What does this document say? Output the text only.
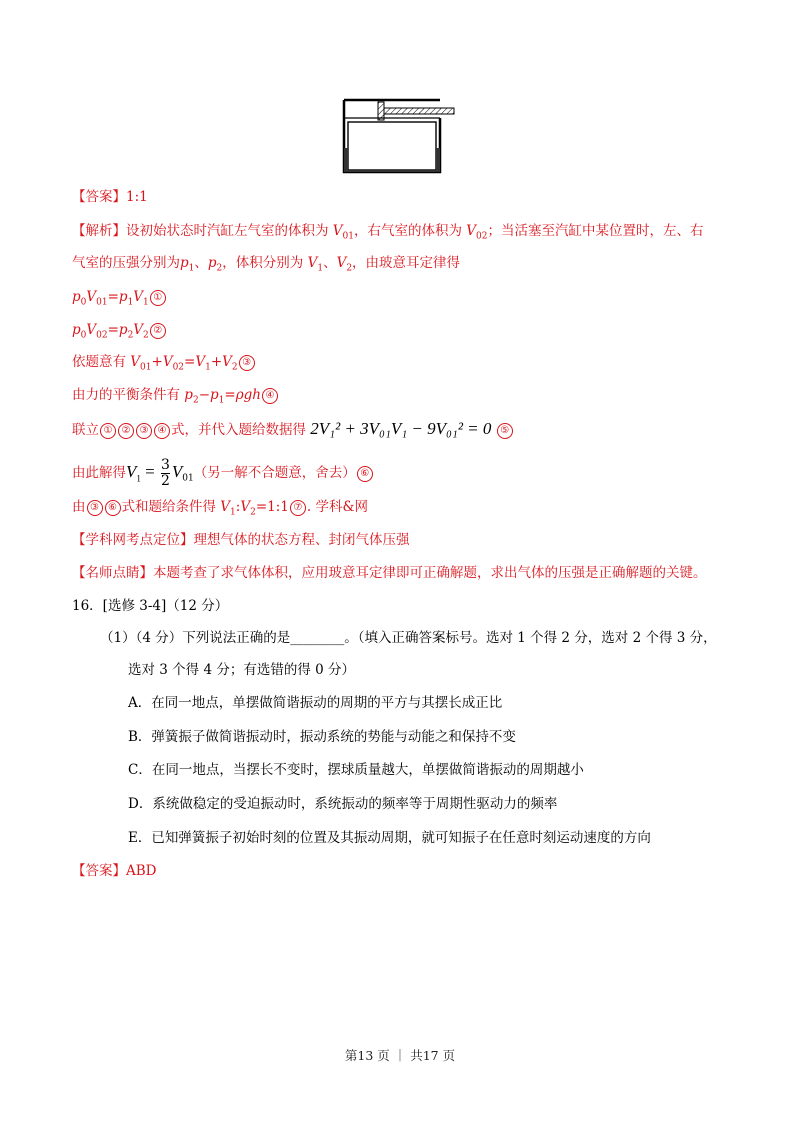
【答案】1:1
【解析】设初始状态时汽缸左气室的体积为 $V_{01}$，右气室的体积为 $V_{02}$；当活塞至汽缸中某位置时，左、右
气室的压强分别为$p_1$、$p_2$，体积分别为 $V_1$、$V_2$，由玻意耳定律得
$p_0V_{01}=p_1V_1①$
$p_0V_{02}=p_2V_2②$
依题意有 $V_{01}+V_{02}=V_1+V_2③$
由力的平衡条件有 $p_2-p_1=\rho gh$ ④
联立 ① ② ③ ④ 式，并代入题给数据得 2V₁² + 3V₀₁V₁ − 9V₀₁² = 0 ⑤
由此解得$V_1 = \frac{3}{2} V_{01}$（另一解不合题意，舍去） ⑥
由 ③ ⑥ 式和题给条件得 $V_1:V_2=1:1$ ⑦ . 学科&网
【学科网考点定位】理想气体的状态方程、封闭气体压强
【名师点睛】本题考查了求气体体积，应用玻意耳定律即可正确解题，求出气体的压强是正确解题的关键。
16．[选修 3-4]（12 分）
（1）（4 分）下列说法正确的是________。（填入正确答案标号。选对 1 个得 2 分，选对 2 个得 3 分，
选对 3 个得 4 分；有选错的得 0 分）
A．在同一地点，单摆做简谐振动的周期的平方与其摆长成正比
B．弹簧振子做简谐振动时，振动系统的势能与动能之和保持不变
C．在同一地点，当摆长不变时，摆球质量越大，单摆做简谐振动的周期越小
D．系统做稳定的受迫振动时，系统振动的频率等于周期性驱动力的频率
E．已知弹簧振子初始时刻的位置及其振动周期，就可知振子在任意时刻运动速度的方向
【答案】ABD
第13 页 ｜ 共17 页
